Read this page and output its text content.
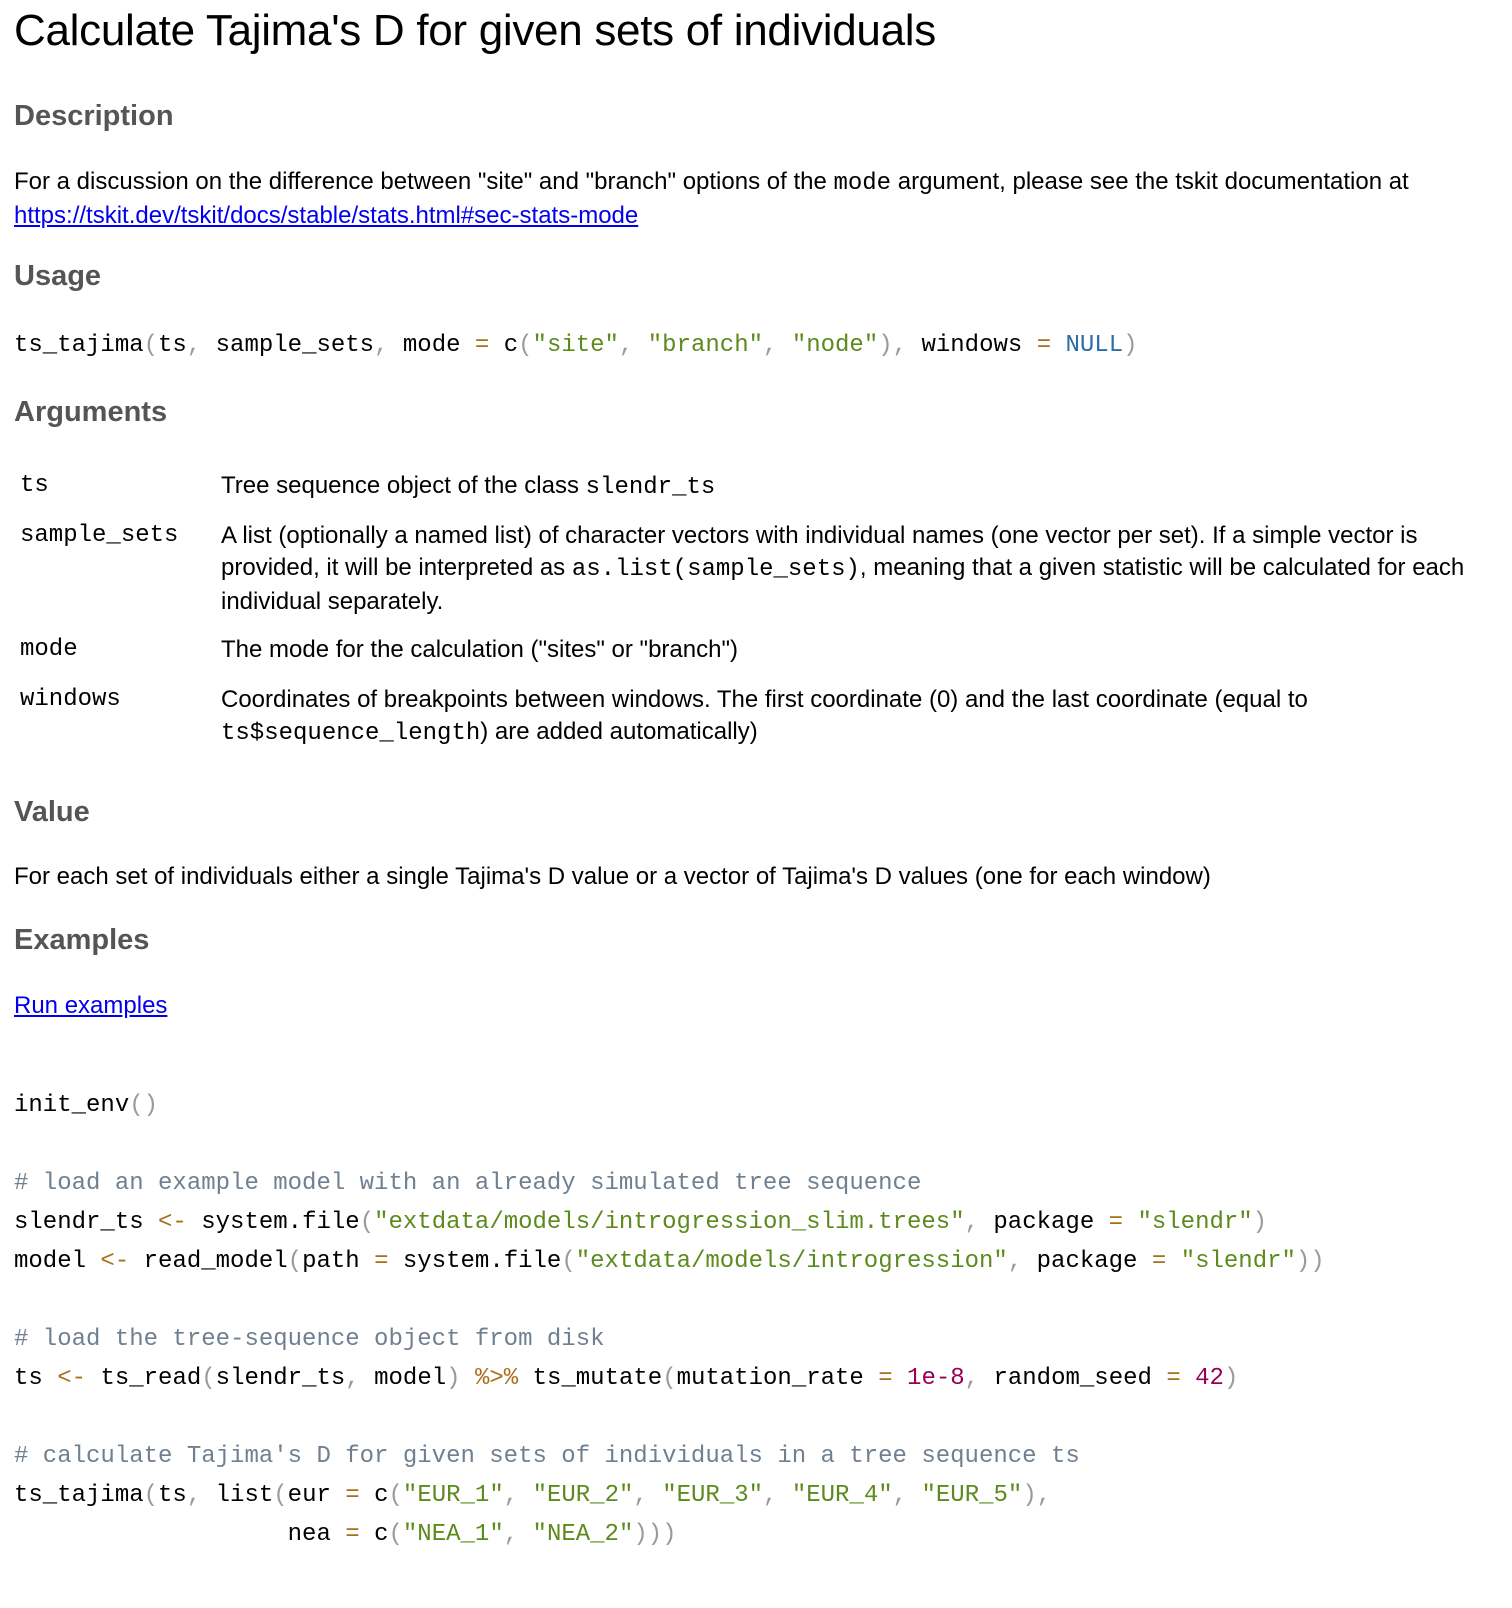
Calculate Tajima's D for given sets of individuals
Description
For a discussion on the difference between "site" and "branch" options of the mode argument, please see the tskit documentation at https://tskit.dev/tskit/docs/stable/stats.html#sec-stats-mode
Usage
ts_tajima(ts, sample_sets, mode = c("site", "branch", "node"), windows = NULL)
Arguments
ts	Tree sequence object of the class slendr_ts
sample_sets A list (optionally a named list) of character vectors with individual names (one vector per set). If a simple vector is provided, it will be interpreted as as.list(sample_sets), meaning that a given statistic will be calculated for each individual separately.
mode	The mode for the calculation ("sites" or "branch")
windows	Coordinates of breakpoints between windows. The first coordinate (0) and the last coordinate (equal to ts$sequence_length) are added automatically)
Value
For each set of individuals either a single Tajima's D value or a vector of Tajima's D values (one for each window)
Examples
Run examples
init_env()

# load an example model with an already simulated tree sequence
slendr_ts <- system.file("extdata/models/introgression_slim.trees", package = "slendr")
model <- read_model(path = system.file("extdata/models/introgression", package = "slendr"))

# load the tree-sequence object from disk
ts <- ts_read(slendr_ts, model) %>% ts_mutate(mutation_rate = 1e-8, random_seed = 42)

# calculate Tajima's D for given sets of individuals in a tree sequence ts
ts_tajima(ts, list(eur = c("EUR_1", "EUR_2", "EUR_3", "EUR_4", "EUR_5"),
nea = c("NEA_1", "NEA_2")))
